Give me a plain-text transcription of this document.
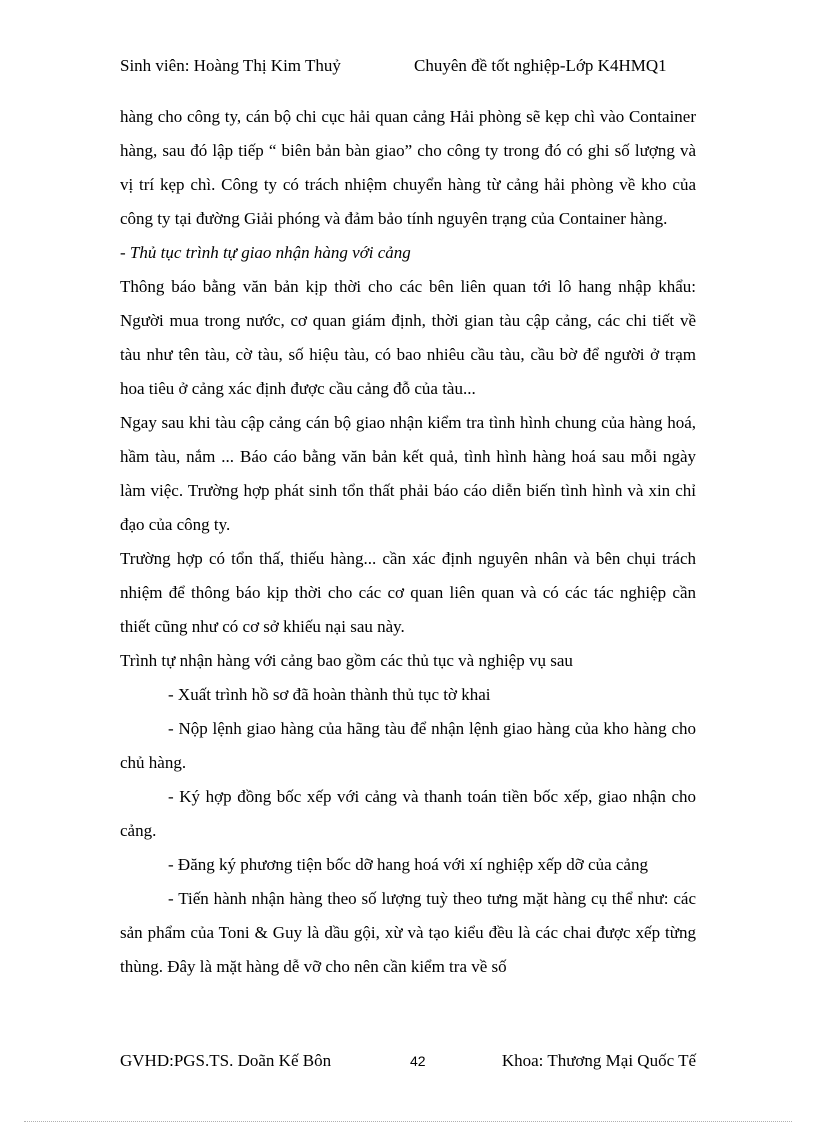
Sinh viên: Hoàng Thị Kim Thuỷ	Chuyên đề tốt nghiệp-Lớp K4HMQ1

hàng cho công ty, cán bộ chi cục hải quan cảng Hải phòng sẽ kẹp chì vào Container hàng, sau đó lập tiếp “ biên bản bàn giao” cho công ty trong đó có ghi số lượng và vị trí kẹp chì. Công ty có trách nhiệm chuyển hàng từ cảng hải phòng về kho của công ty tại đường Giải phóng và đảm bảo tính nguyên trạng của Container hàng.

- Thủ tục trình tự giao nhận hàng với cảng

Thông báo bằng văn bản kịp thời cho các bên liên quan tới lô hang nhập khẩu: Người mua trong nước, cơ quan giám định, thời gian tàu cập cảng, các chi tiết về tàu như tên tàu, cờ tàu, số hiệu tàu, có bao nhiêu cầu tàu, cầu bờ để người ở trạm hoa tiêu ở cảng xác định được cầu cảng đỗ của tàu...

Ngay sau khi tàu cập cảng cán bộ giao nhận kiểm tra tình hình chung của hàng hoá, hầm tàu, nắm ... Báo cáo bằng văn bản kết quả, tình hình hàng hoá sau mỗi ngày làm việc. Trường hợp phát sinh tổn thất phải báo cáo diễn biến tình hình và xin chỉ đạo của công ty.

Trường hợp có tổn thấ, thiếu hàng... cần xác định nguyên nhân và bên chụi trách nhiệm để thông báo kịp thời cho các cơ quan liên quan và có các tác nghiệp cần thiết cũng như có cơ sở khiếu nại sau này.

Trình tự nhận hàng với cảng bao gồm các thủ tục và nghiệp vụ sau

- Xuất trình hồ sơ đã hoàn thành thủ tục tờ khai

- Nộp lệnh giao hàng của hãng tàu để nhận lệnh giao hàng của kho hàng cho chủ hàng.

- Ký hợp đồng bốc xếp với cảng và thanh toán tiền bốc xếp, giao nhận cho cảng.

- Đăng ký phương tiện bốc dỡ hang hoá với xí nghiệp xếp dỡ của cảng

- Tiến hành nhận hàng theo số lượng tuỳ theo tưng mặt hàng cụ thể như: các sản phẩm của Toni & Guy là dầu gội, xừ và tạo kiểu đều là các chai được xếp từng thùng. Đây là mặt hàng dễ vỡ cho nên cần kiểm tra về số

GVHD:PGS.TS. Doãn Kế Bôn	42	Khoa: Thương Mại Quốc Tế
